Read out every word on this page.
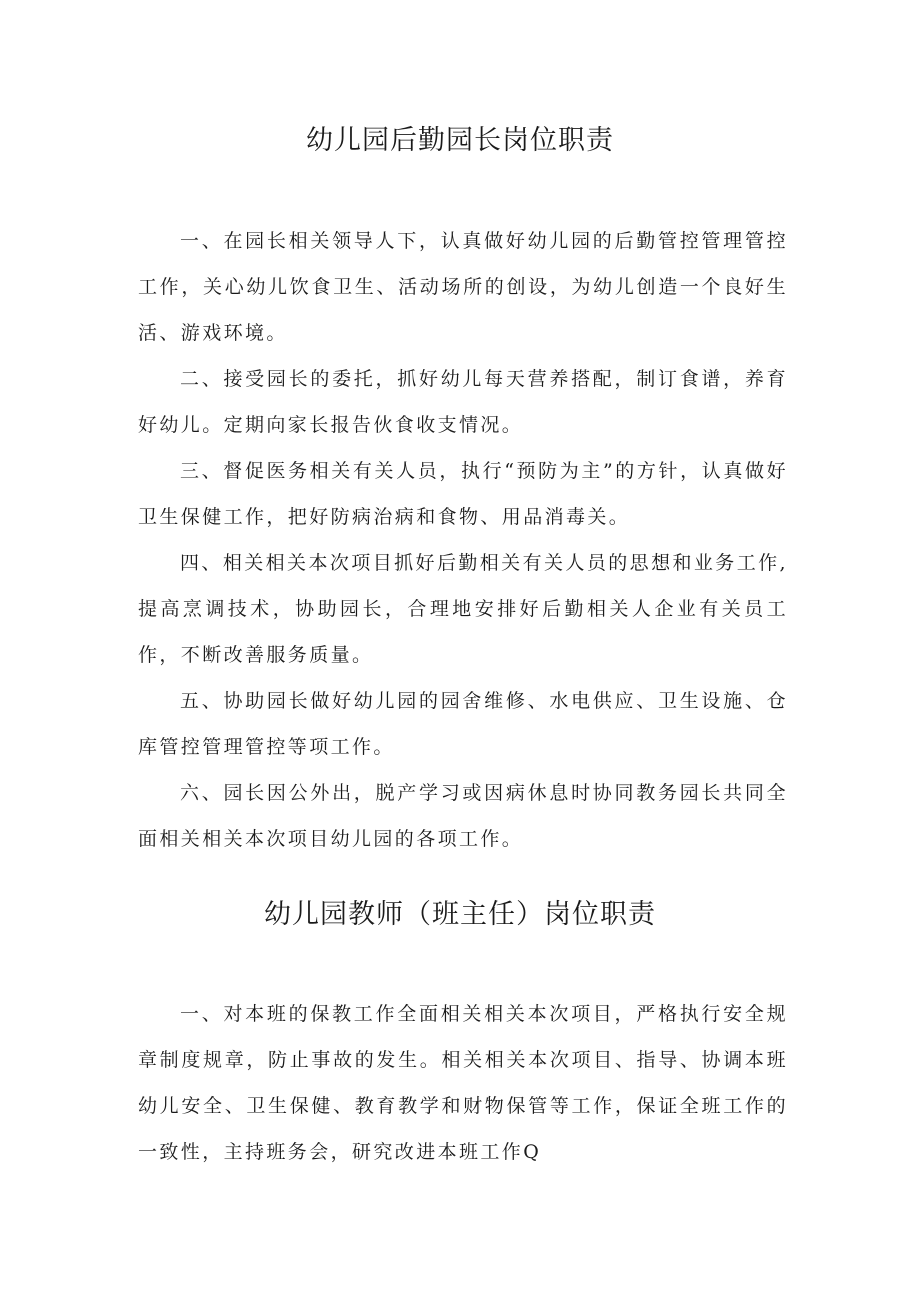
幼儿园后勤园长岗位职责

一、在园长相关领导人下，认真做好幼儿园的后勤管控管理管控工作，关心幼儿饮食卫生、活动场所的创设，为幼儿创造一个良好生活、游戏环境。

二、接受园长的委托，抓好幼儿每天营养搭配，制订食谱，养育好幼儿。定期向家长报告伙食收支情况。

三、督促医务相关有关人员，执行“预防为主”的方针，认真做好卫生保健工作，把好防病治病和食物、用品消毒关。

四、相关相关本次项目抓好后勤相关有关人员的思想和业务工作,提高烹调技术，协助园长，合理地安排好后勤相关人企业有关员工作，不断改善服务质量。

五、协助园长做好幼儿园的园舍维修、水电供应、卫生设施、仓库管控管理管控等项工作。

六、园长因公外出，脱产学习或因病休息时协同教务园长共同全面相关相关本次项目幼儿园的各项工作。

幼儿园教师（班主任）岗位职责

一、对本班的保教工作全面相关相关本次项目，严格执行安全规章制度规章，防止事故的发生。相关相关本次项目、指导、协调本班幼儿安全、卫生保健、教育教学和财物保管等工作，保证全班工作的一致性，主持班务会，研究改进本班工作Q
